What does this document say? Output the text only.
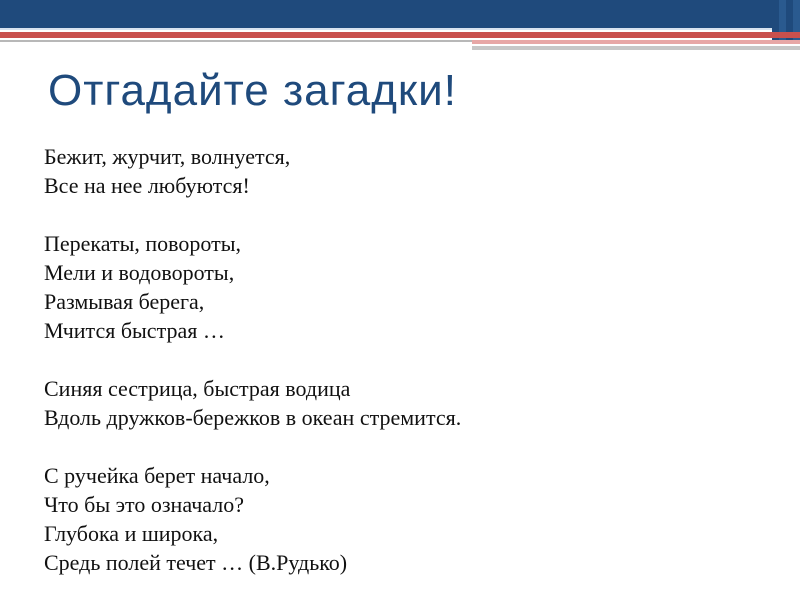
Отгадайте загадки!
Бежит, журчит, волнуется,
Все на нее любуются!
Перекаты, повороты,
Мели и водовороты,
Размывая берега,
Мчится быстрая …
Синяя сестрица, быстрая водица
Вдоль дружков-бережков в океан стремится.
С ручейка берет начало,
Что бы это означало?
Глубока и широка,
Средь полей течет … (В.Рудько)
